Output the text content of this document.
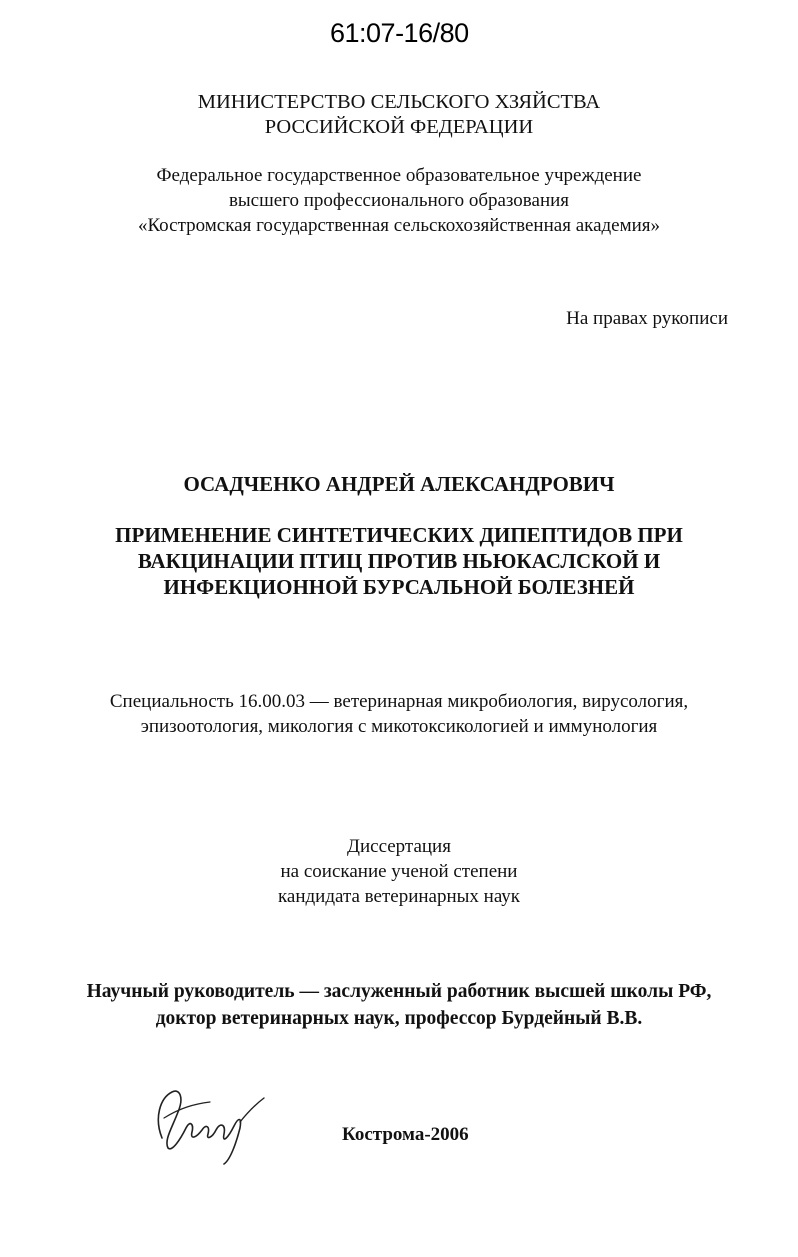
61:07-16/80
МИНИСТЕРСТВО СЕЛЬСКОГО ХЗЯЙСТВА
РОССИЙСКОЙ ФЕДЕРАЦИИ
Федеральное государственное образовательное учреждение
высшего профессионального образования
«Костромская государственная сельскохозяйственная академия»
На правах рукописи
ОСАДЧЕНКО АНДРЕЙ АЛЕКСАНДРОВИЧ
ПРИМЕНЕНИЕ СИНТЕТИЧЕСКИХ ДИПЕПТИДОВ ПРИ
ВАКЦИНАЦИИ ПТИЦ ПРОТИВ НЬЮКАСЛСКОЙ И
ИНФЕКЦИОННОЙ БУРСАЛЬНОЙ БОЛЕЗНЕЙ
Специальность 16.00.03 — ветеринарная микробиология, вирусология,
эпизоотология, микология с микотоксикологией и иммунология
Диссертация
на соискание ученой степени
кандидата ветеринарных наук
Научный руководитель — заслуженный работник высшей школы РФ,
доктор ветеринарных наук, профессор Бурдейный В.В.
Кострома-2006
